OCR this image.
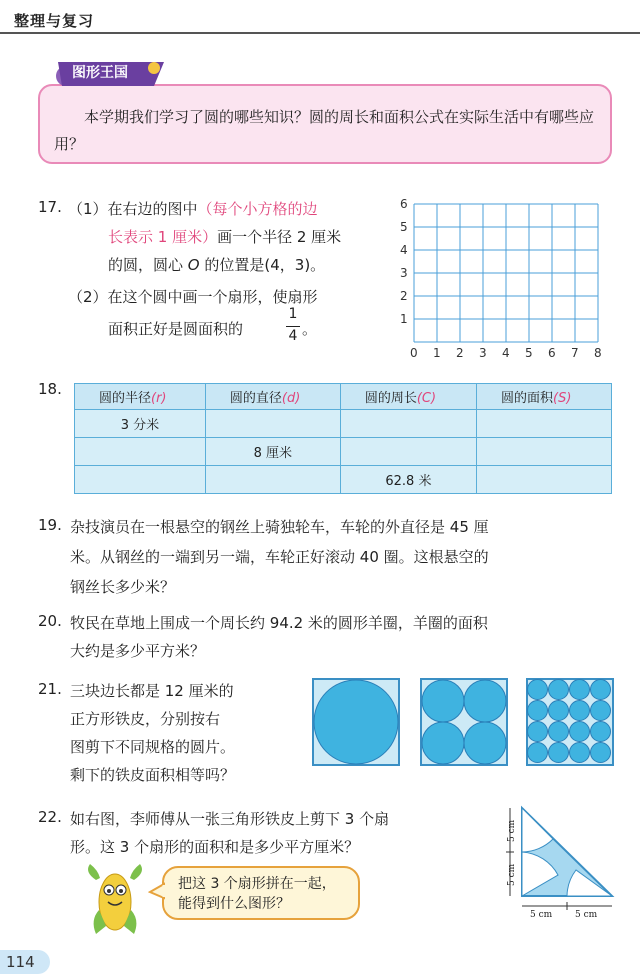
整理与复习
本学期我们学习了圆的哪些知识？圆的周长和面积公式在实际生活中有哪些应用？
图形王国
17. （1）在右边的图中（每个小方格的边
长表示 1 厘米）画一个半径 2 厘米
的圆，圆心 O 的位置是(4，3)。
（2）在这个圆中画一个扇形，使扇形
面积正好是圆面积的
1
4 。
0 1 2 3 4 5 6 7 8
1
2
3
4
5
6
18.
圆的半径(r)	圆的直径(d)	圆的周长(C)	圆的面积(S)
3 分米			
	8 厘米		
		62.8 米	
19. 杂技演员在一根悬空的钢丝上骑独轮车，车轮的外直径是 45 厘
米。从钢丝的一端到另一端，车轮正好滚动 40 圈。这根悬空的
钢丝长多少米？
20. 牧民在草地上围成一个周长约 94.2 米的圆形羊圈，羊圈的面积
大约是多少平方米？
21. 三块边长都是 12 厘米的
正方形铁皮，分别按右
图剪下不同规格的圆片。
剩下的铁皮面积相等吗？
22. 如右图，李师傅从一张三角形铁皮上剪下 3 个扇
形。这 3 个扇形的面积和是多少平方厘米？
5 cm
5 cm
5 cm	5 cm
把这 3 个扇形拼在一起，
能得到什么图形？
114
